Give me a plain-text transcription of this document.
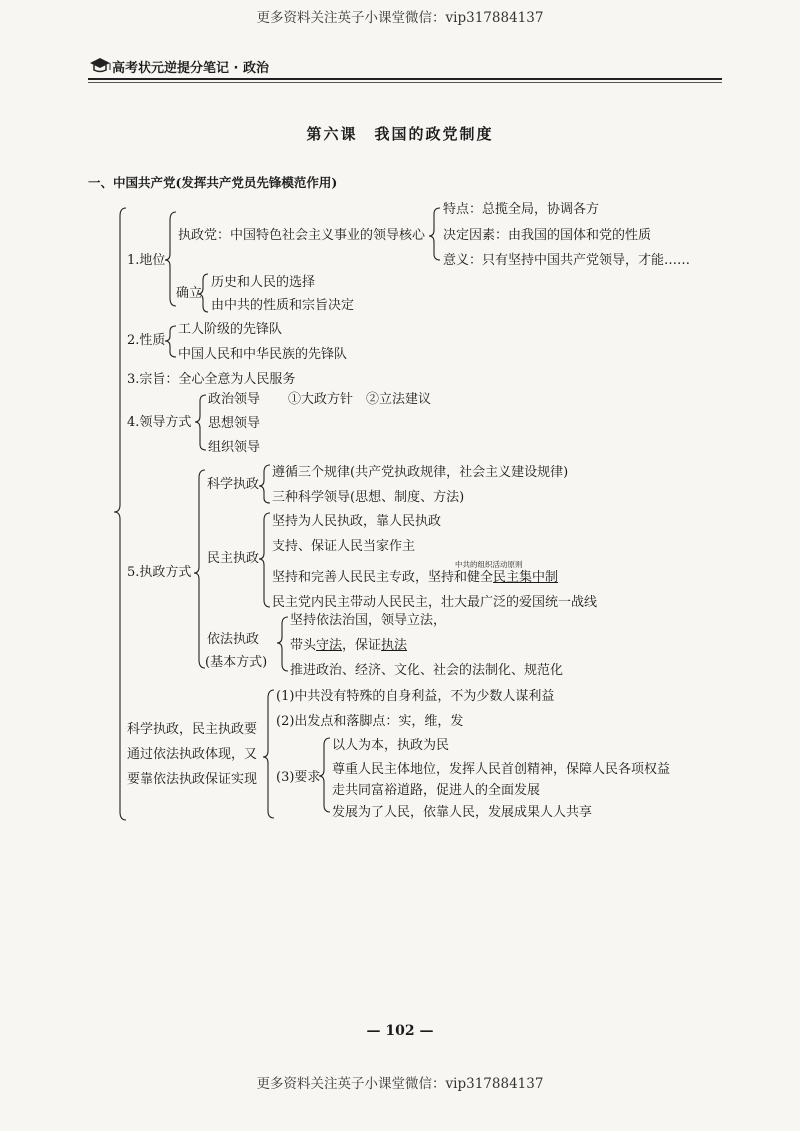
更多资料关注英子小课堂微信：vip317884137
高考状元逆提分笔记 · 政治
第六课　我国的政党制度
一、中国共产党(发挥共产党员先锋模范作用)
1.地位
执政党：中国特色社会主义事业的领导核心
特点：总揽全局，协调各方
决定因素：由我国的国体和党的性质
意义：只有坚持中国共产党领导，才能……
确立
历史和人民的选择
由中共的性质和宗旨决定
2.性质
工人阶级的先锋队
中国人民和中华民族的先锋队
3.宗旨：全心全意为人民服务
4.领导方式
政治领导 ①大政方针　②立法建议
思想领导
组织领导
5.执政方式
科学执政
遵循三个规律(共产党执政规律，社会主义建设规律)
三种科学领导(思想、制度、方法)
民主执政
坚持为人民执政，靠人民执政
支持、保证人民当家作主
中共的组织活动原则
坚持和完善人民民主专政，坚持和健全民主集中制
民主党内民主带动人民民主，壮大最广泛的爱国统一战线
依法执政
(基本方式)
坚持依法治国，领导立法，
带头守法，保证执法
推进政治、经济、文化、社会的法制化、规范化
科学执政，民主执政要
通过依法执政体现，又
要靠依法执政保证实现
(1)中共没有特殊的自身利益，不为少数人谋利益
(2)出发点和落脚点：实，维，发
(3)要求
以人为本，执政为民
尊重人民主体地位，发挥人民首创精神，保障人民各项权益
走共同富裕道路，促进人的全面发展
发展为了人民，依靠人民，发展成果人人共享
— 102 —
更多资料关注英子小课堂微信：vip317884137
